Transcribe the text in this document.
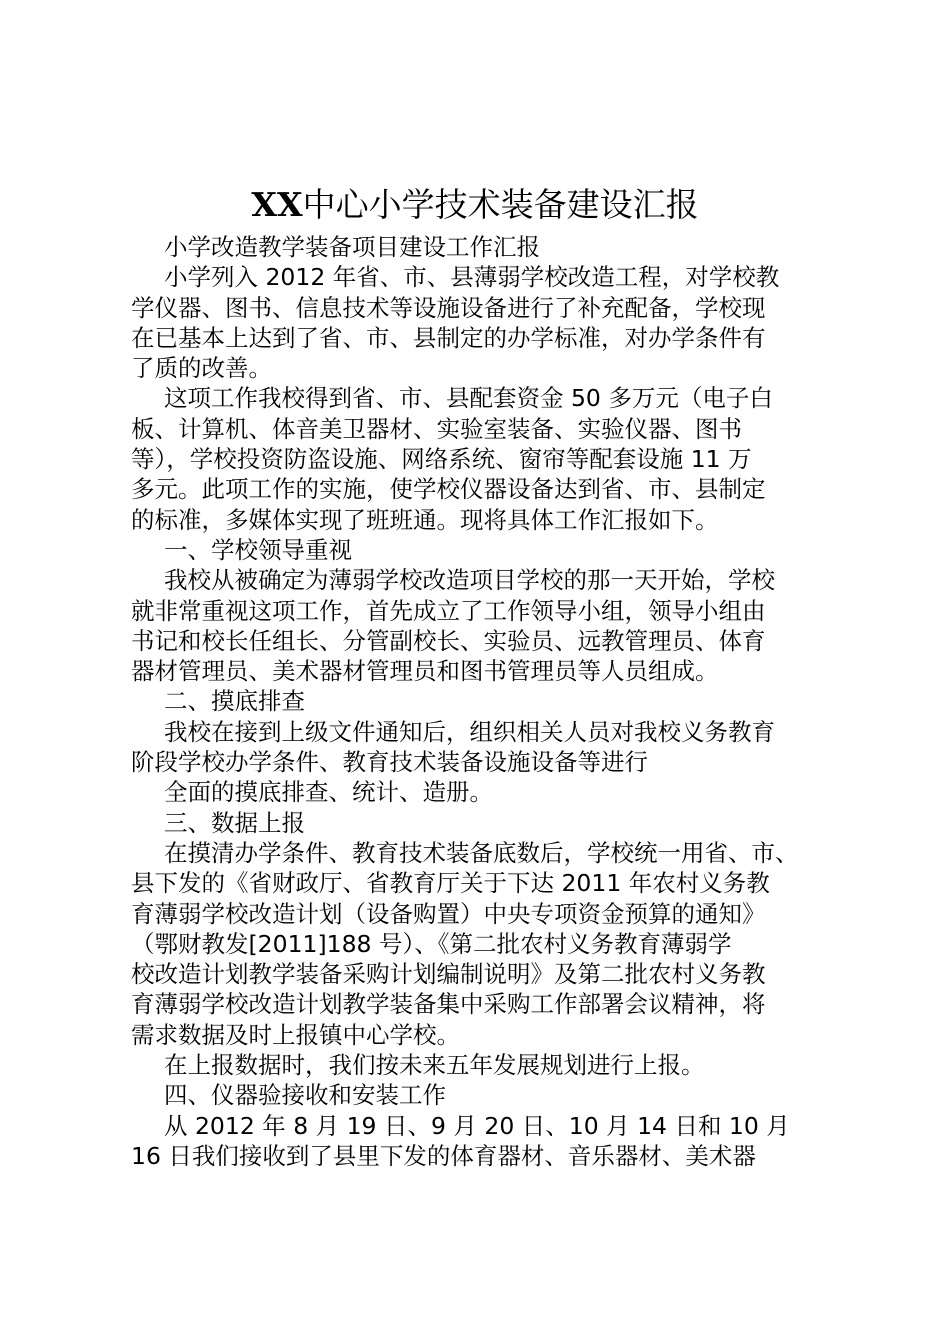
XX中心小学技术装备建设汇报
小学改造教学装备项目建设工作汇报
小学列入 2012 年省、市、县薄弱学校改造工程，对学校教
学仪器、图书、信息技术等设施设备进行了补充配备，学校现
在已基本上达到了省、市、县制定的办学标准，对办学条件有
了质的改善。
这项工作我校得到省、市、县配套资金 50 多万元（电子白
板、计算机、体音美卫器材、实验室装备、实验仪器、图书
等），学校投资防盗设施、网络系统、窗帘等配套设施 11 万
多元。此项工作的实施，使学校仪器设备达到省、市、县制定
的标准，多媒体实现了班班通。现将具体工作汇报如下。
一、学校领导重视
我校从被确定为薄弱学校改造项目学校的那一天开始，学校
就非常重视这项工作，首先成立了工作领导小组，领导小组由
书记和校长任组长、分管副校长、实验员、远教管理员、体育
器材管理员、美术器材管理员和图书管理员等人员组成。
二、摸底排查
我校在接到上级文件通知后，组织相关人员对我校义务教育
阶段学校办学条件、教育技术装备设施设备等进行
全面的摸底排查、统计、造册。
三、数据上报
在摸清办学条件、教育技术装备底数后，学校统一用省、市、
县下发的《省财政厅、省教育厅关于下达 2011 年农村义务教
育薄弱学校改造计划（设备购置）中央专项资金预算的通知》
（鄂财教发[2011]188 号）、《第二批农村义务教育薄弱学
校改造计划教学装备采购计划编制说明》及第二批农村义务教
育薄弱学校改造计划教学装备集中采购工作部署会议精神，将
需求数据及时上报镇中心学校。
在上报数据时，我们按未来五年发展规划进行上报。
四、仪器验接收和安装工作
从 2012 年 8 月 19 日、9 月 20 日、10 月 14 日和 10 月
16 日我们接收到了县里下发的体育器材、音乐器材、美术器
